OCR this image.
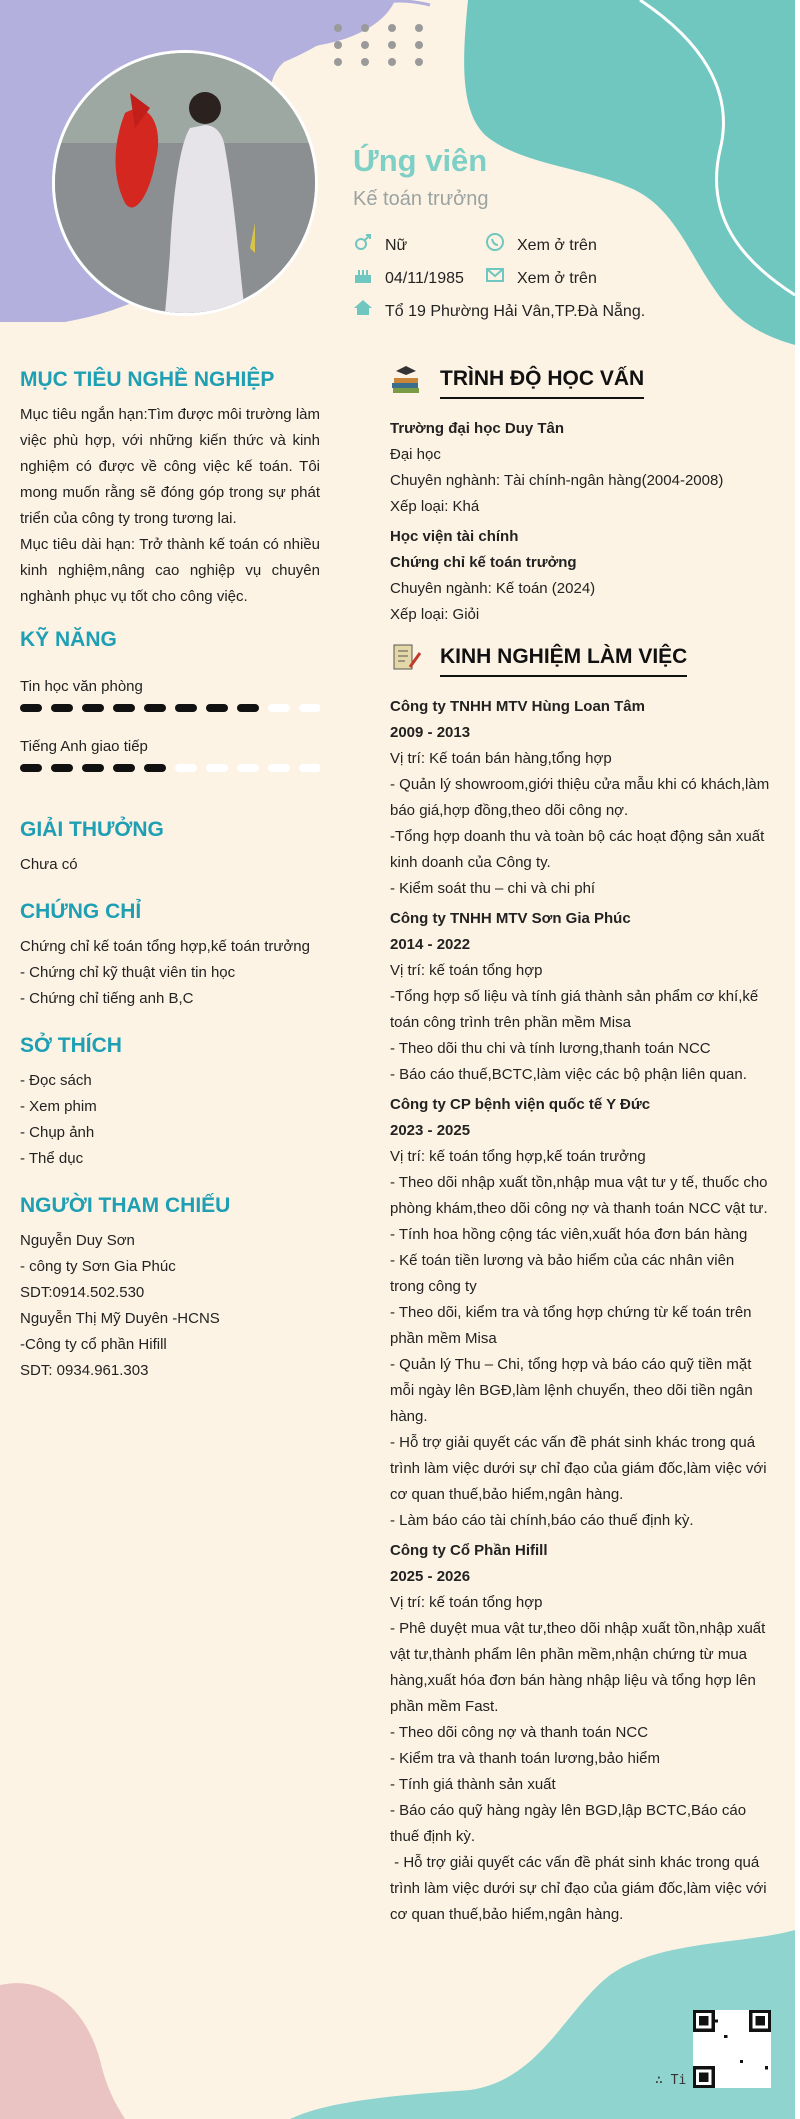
Ứng viên
Kế toán trưởng
Nữ	Xem ở trên
04/11/1985	Xem ở trên
Tổ 19 Phường Hải Vân,TP.Đà Nẵng.
MỤC TIÊU NGHỀ NGHIỆP

Mục tiêu ngắn hạn:Tìm được môi trường làm việc phù hợp, với những kiến thức và kinh nghiệm có được về công việc kế toán. Tôi mong muốn rằng sẽ đóng góp trong sự phát triển của công ty trong tương lai.

Mục tiêu dài hạn: Trở thành kế toán có nhiều kinh nghiệm,nâng cao nghiệp vụ chuyên nghành phục vụ tốt cho công việc.

KỸ NĂNG

Tin học văn phòng

Tiếng Anh giao tiếp

GIẢI THƯỞNG

Chưa có

CHỨNG CHỈ

Chứng chỉ kế toán tổng hợp,kế toán trưởng

- Chứng chỉ kỹ thuật viên tin học

- Chứng chỉ tiếng anh B,C

SỞ THÍCH

- Đọc sách

- Xem phim

- Chụp ảnh

- Thể dục

NGƯỜI THAM CHIẾU

Nguyễn Duy Sơn

- công ty Sơn Gia Phúc

SDT:0914.502.530

Nguyễn Thị Mỹ Duyên -HCNS

-Công ty cổ phần Hifill

SDT: 0934.961.303

TRÌNH ĐỘ HỌC VẤN

Trường đại học Duy Tân

Đại học

Chuyên nghành: Tài chính-ngân hàng(2004-2008)

Xếp loại: Khá

Học viện tài chính

Chứng chỉ kế toán trưởng

Chuyên ngành: Kế toán (2024)

Xếp loại: Giỏi

KINH NGHIỆM LÀM VIỆC

Công ty TNHH MTV Hùng Loan Tâm

2009 - 2013

Vị trí: Kế toán bán hàng,tổng hợp
- Quản lý showroom,giới thiệu cửa mẫu khi có khách,làm báo giá,hợp đồng,theo dõi công nợ.
-Tổng hợp doanh thu và toàn bộ các hoạt động sản xuất kinh doanh của Công ty.
- Kiểm soát thu – chi và chi phí

Công ty TNHH MTV Sơn Gia Phúc

2014 - 2022

Vị trí: kế toán tổng hợp
-Tổng hợp số liệu và tính giá thành sản phẩm cơ khí,kế toán công trình trên phần mềm Misa
- Theo dõi thu chi và tính lương,thanh toán NCC
- Báo cáo thuế,BCTC,làm việc các bộ phận liên quan.

Công ty CP bệnh viện quốc tế Y Đức

2023 - 2025

Vị trí: kế toán tổng hợp,kế toán trưởng
- Theo dõi nhập xuất tồn,nhập mua vật tư y tế, thuốc cho phòng khám,theo dõi công nợ và thanh toán NCC vật tư.
- Tính hoa hồng cộng tác viên,xuất hóa đơn bán hàng
- Kế toán tiền lương và bảo hiểm của các nhân viên trong công ty
- Theo dõi, kiểm tra và tổng hợp chứng từ kế toán trên phần mềm Misa
- Quản lý Thu – Chi, tổng hợp và báo cáo quỹ tiền mặt mỗi ngày lên BGĐ,làm lệnh chuyển, theo dõi tiền ngân hàng.
- Hỗ trợ giải quyết các vấn đề phát sinh khác trong quá trình làm việc dưới sự chỉ đạo của giám đốc,làm việc với cơ quan thuế,bảo hiểm,ngân hàng.
- Làm báo cáo tài chính,báo cáo thuế định kỳ.

Công ty Cổ Phần Hifill

2025 - 2026

Vị trí: kế toán tổng hợp
- Phê duyệt mua vật tư,theo dõi nhập xuất tồn,nhập xuất vật tư,thành phẩm lên phần mềm,nhận chứng từ mua hàng,xuất hóa đơn bán hàng nhập liệu và tổng hợp lên phần mềm Fast.
- Theo dõi công nợ và thanh toán NCC
- Kiểm tra và thanh toán lương,bảo hiểm
- Tính giá thành sản xuất
- Báo cáo quỹ hàng ngày lên BGD,lập BCTC,Báo cáo thuế định kỳ.
- Hỗ trợ giải quyết các vấn đề phát sinh khác trong quá trình làm việc dưới sự chỉ đạo của giám đốc,làm việc với cơ quan thuế,bảo hiểm,ngân hàng.

∴ Ti
